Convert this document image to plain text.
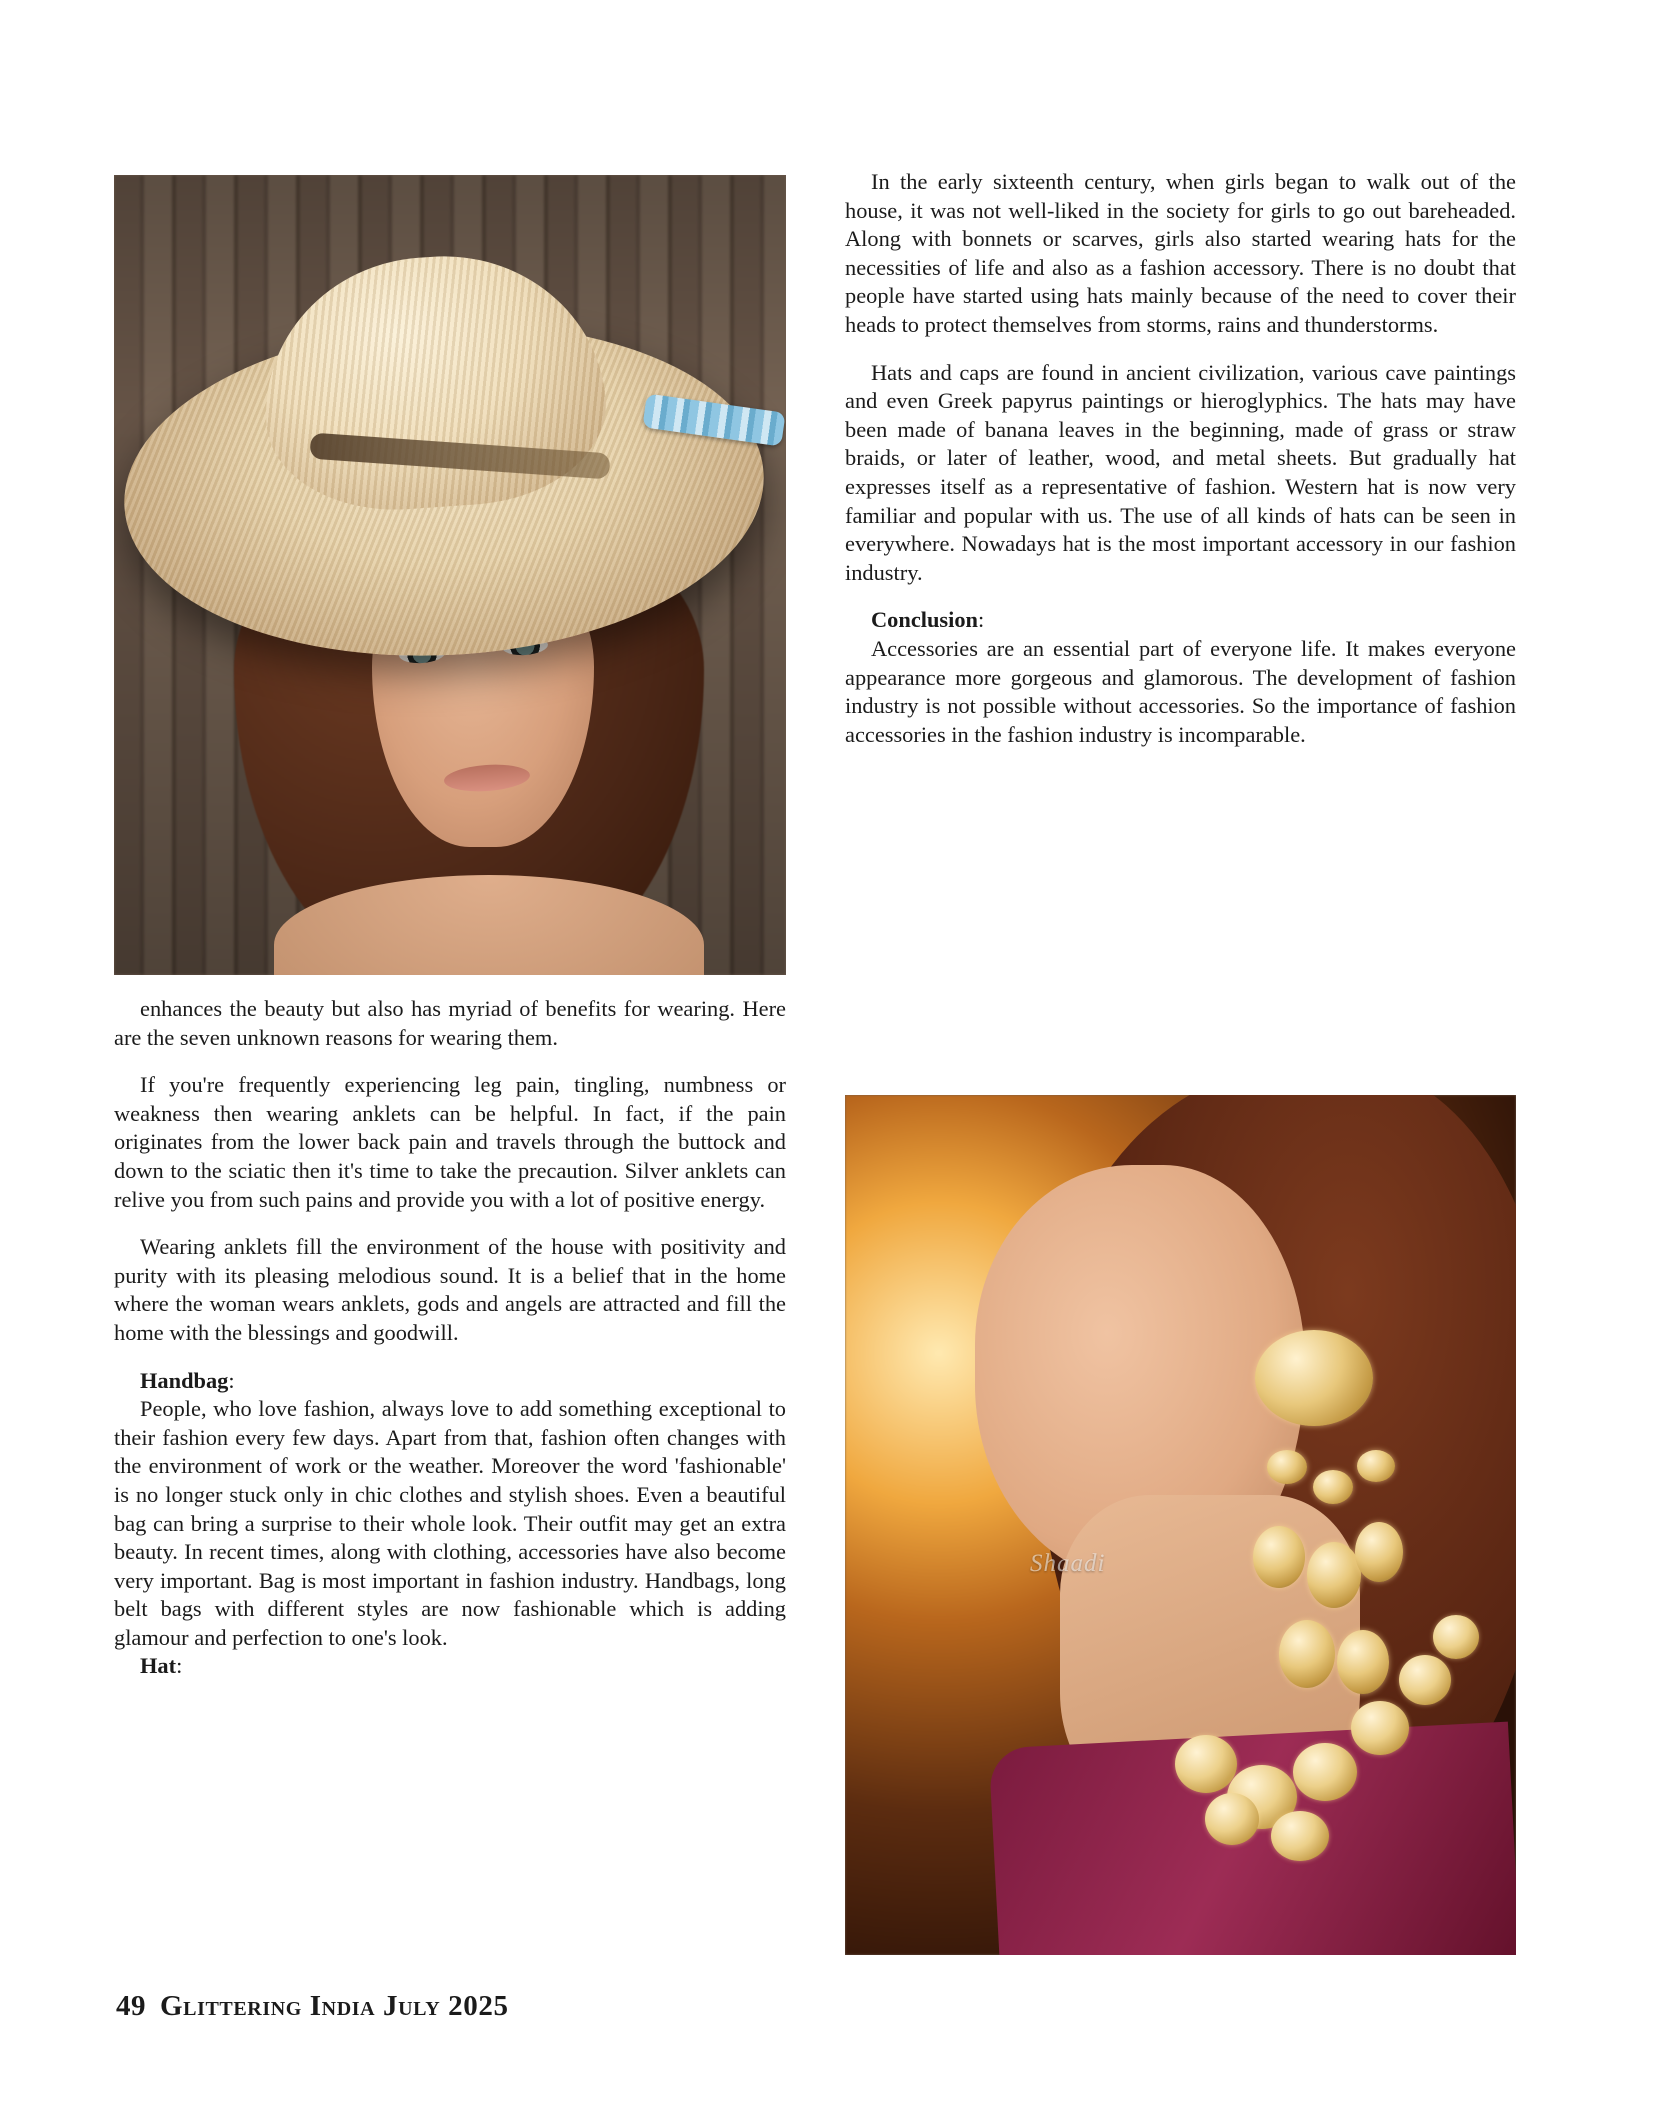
enhances the beauty but also has myriad of benefits for wearing. Here are the seven unknown reasons for wearing them.

If you're frequently experiencing leg pain, tingling, numbness or weakness then wearing anklets can be helpful. In fact, if the pain originates from the lower back pain and travels through the buttock and down to the sciatic then it's time to take the precaution. Silver anklets can relive you from such pains and provide you with a lot of positive energy.

Wearing anklets fill the environment of the house with positivity and purity with its pleasing melodious sound. It is a belief that in the home where the woman wears anklets, gods and angels are attracted and fill the home with the blessings and goodwill.

Handbag:

People, who love fashion, always love to add something exceptional to their fashion every few days. Apart from that, fashion often changes with the environment of work or the weather. Moreover the word 'fashionable' is no longer stuck only in chic clothes and stylish shoes. Even a beautiful bag can bring a surprise to their whole look. Their outfit may get an extra beauty. In recent times, along with clothing, accessories have also become very important. Bag is most important in fashion industry. Handbags, long belt bags with different styles are now fashionable which is adding glamour and perfection to one's look.

Hat:

In the early sixteenth century, when girls began to walk out of the house, it was not well-liked in the society for girls to go out bareheaded. Along with bonnets or scarves, girls also started wearing hats for the necessities of life and also as a fashion accessory. There is no doubt that people have started using hats mainly because of the need to cover their heads to protect themselves from storms, rains and thunderstorms.

Hats and caps are found in ancient civilization, various cave paintings and even Greek papyrus paintings or hieroglyphics. The hats may have been made of banana leaves in the beginning, made of grass or straw braids, or later of leather, wood, and metal sheets. But gradually hat expresses itself as a representative of fashion. Western hat is now very familiar and popular with us. The use of all kinds of hats can be seen in everywhere. Nowadays hat is the most important accessory in our fashion industry.

Conclusion:

Accessories are an essential part of everyone life. It makes everyone appearance more gorgeous and glamorous. The development of fashion industry is not possible without accessories. So the importance of fashion accessories in the fashion industry is incomparable.

Shaadi
49 Glittering India July 2025
